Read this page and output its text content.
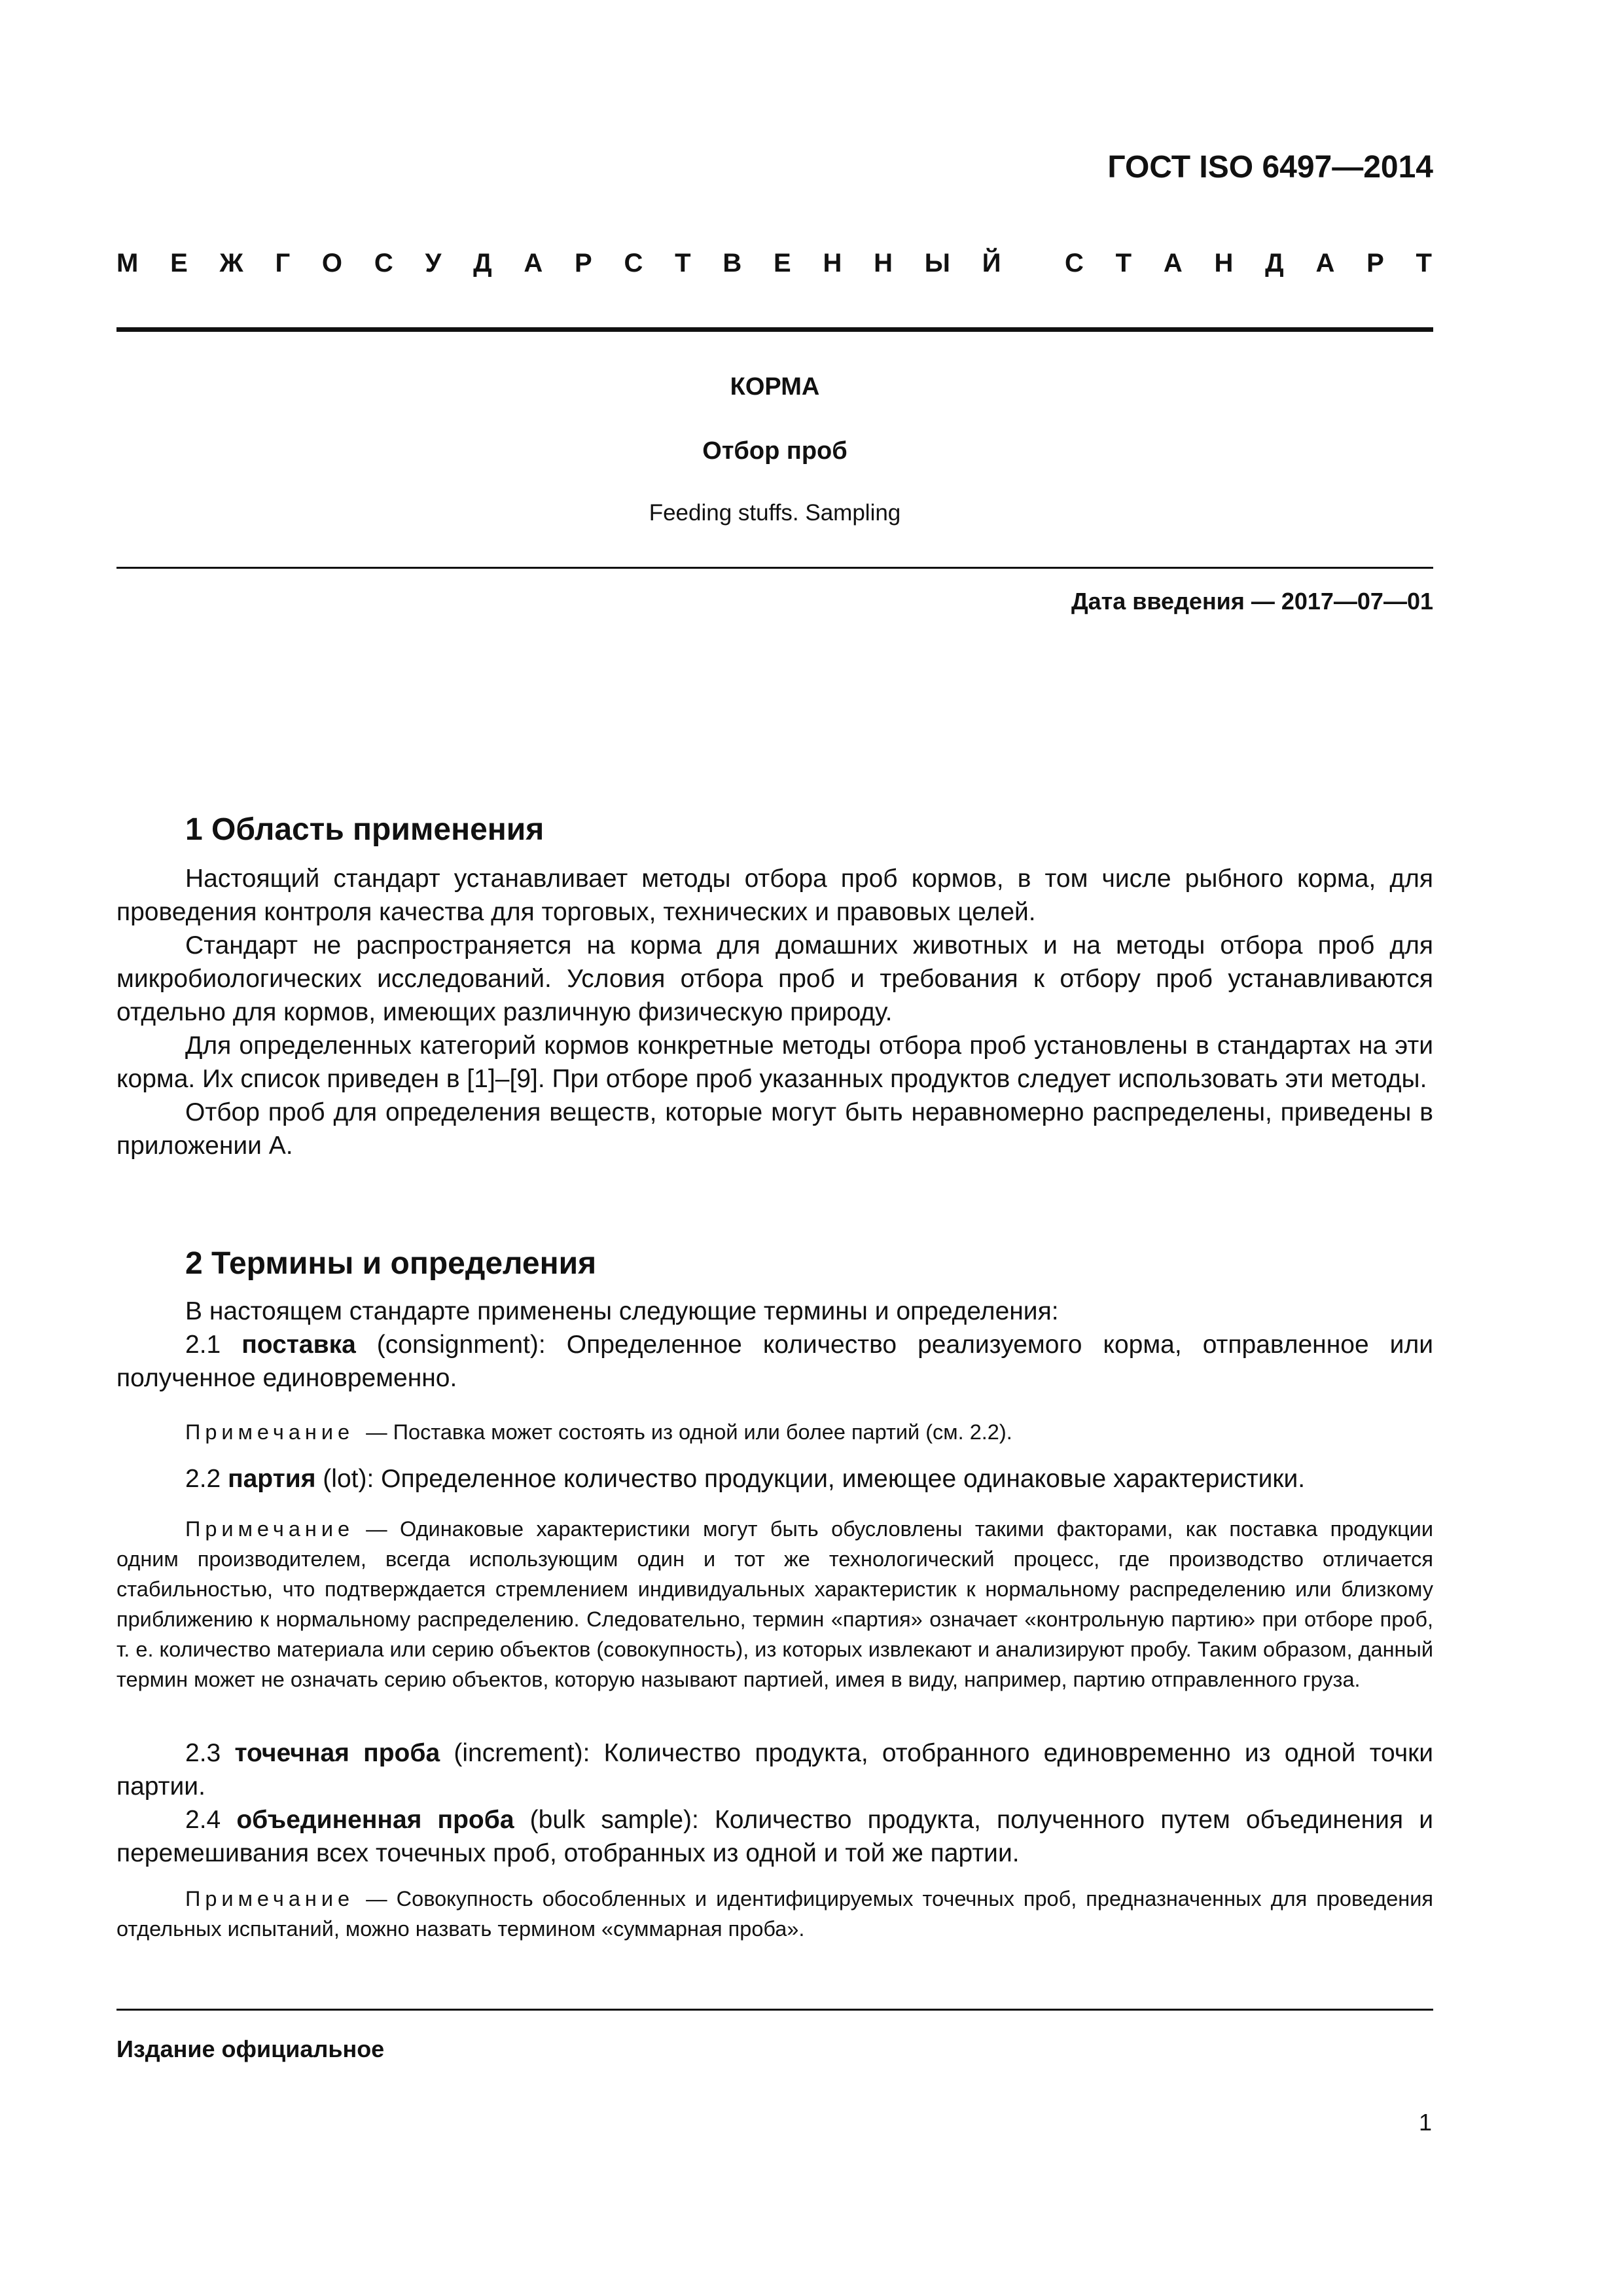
ГОСТ ISO 6497—2014
М Е Ж Г О С У Д А Р С Т В Е Н Н Ы Й С Т А Н Д А Р Т
КОРМА
Отбор проб
Feeding stuffs. Sampling
Дата введения — 2017—07—01
1 Область применения

Настоящий стандарт устанавливает методы отбора проб кормов, в том числе рыбного корма, для проведения контроля качества для торговых, технических и правовых целей.

Стандарт не распространяется на корма для домашних животных и на методы отбора проб для микробиологических исследований. Условия отбора проб и требования к отбору проб устанавливаются отдельно для кормов, имеющих различную физическую природу.

Для определенных категорий кормов конкретные методы отбора проб установлены в стандартах на эти корма. Их список приведен в [1]–[9]. При отборе проб указанных продуктов следует использовать эти методы.

Отбор проб для определения веществ, которые могут быть неравномерно распределены, приведены в приложении А.

2 Термины и определения

В настоящем стандарте применены следующие термины и определения:

2.1 поставка (consignment): Определенное количество реализуемого корма, отправленное или полученное единовременно.

Примечание — Поставка может состоять из одной или более партий (см. 2.2).

2.2 партия (lot): Определенное количество продукции, имеющее одинаковые характеристики.

Примечание — Одинаковые характеристики могут быть обусловлены такими факторами, как поставка продукции одним производителем, всегда использующим один и тот же технологический процесс, где производство отличается стабильностью, что подтверждается стремлением индивидуальных характеристик к нормальному распределению или близкому приближению к нормальному распределению. Следовательно, термин «партия» означает «контрольную партию» при отборе проб, т. е. количество материала или серию объектов (совокупность), из которых извлекают и анализируют пробу. Таким образом, данный термин может не означать серию объектов, которую называют партией, имея в виду, например, партию отправленного груза.

2.3 точечная проба (increment): Количество продукта, отобранного единовременно из одной точки партии.

2.4 объединенная проба (bulk sample): Количество продукта, полученного путем объединения и перемешивания всех точечных проб, отобранных из одной и той же партии.

Примечание — Совокупность обособленных и идентифицируемых точечных проб, предназначенных для проведения отдельных испытаний, можно назвать термином «суммарная проба».

Издание официальное
1
